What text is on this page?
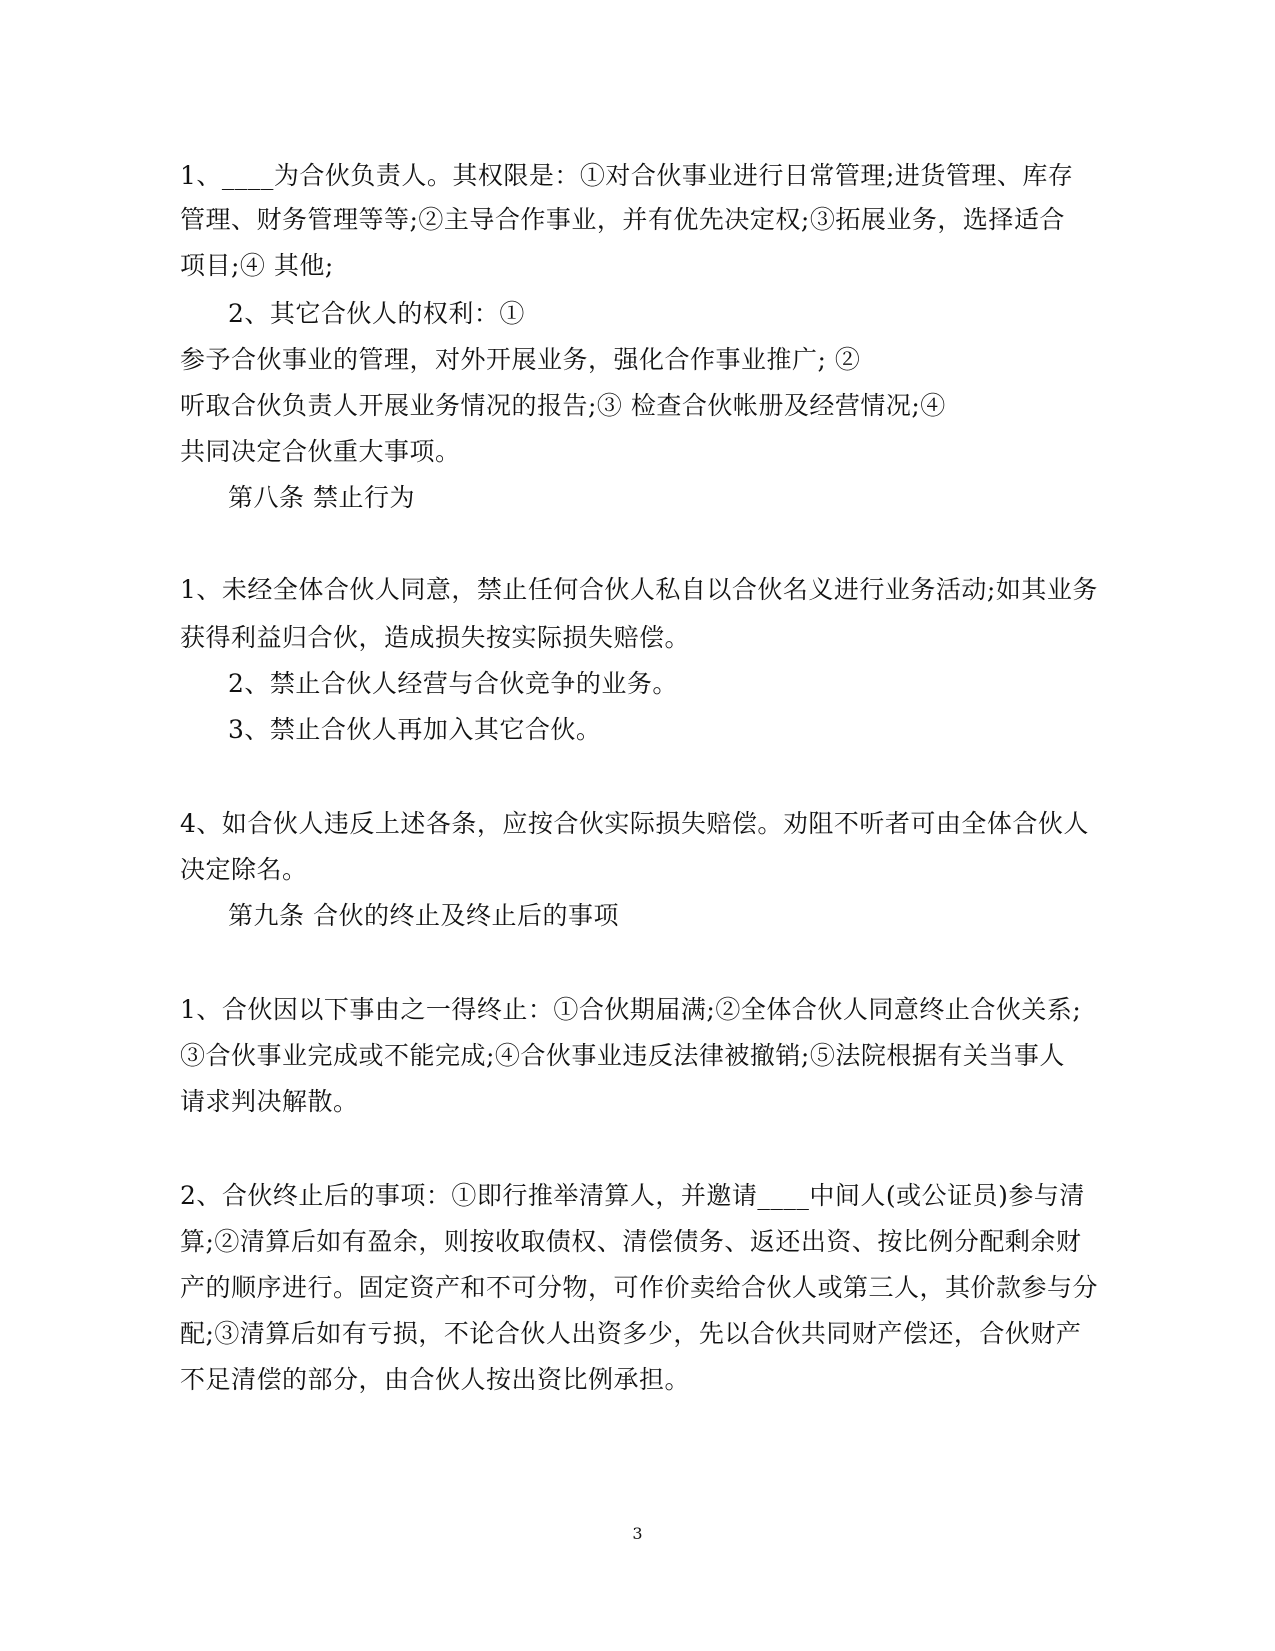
1、____为合伙负责人。其权限是：①对合伙事业进行日常管理;进货管理、库存
管理、财务管理等等;②主导合作事业，并有优先决定权;③拓展业务，选择适合
项目;④ 其他;
2、其它合伙人的权利：①
参予合伙事业的管理，对外开展业务，强化合作事业推广; ②
听取合伙负责人开展业务情况的报告;③ 检查合伙帐册及经营情况;④
共同决定合伙重大事项。
第八条 禁止行为
1、未经全体合伙人同意，禁止任何合伙人私自以合伙名义进行业务活动;如其业务
获得利益归合伙，造成损失按实际损失赔偿。
2、禁止合伙人经营与合伙竞争的业务。
3、禁止合伙人再加入其它合伙。
4、如合伙人违反上述各条，应按合伙实际损失赔偿。劝阻不听者可由全体合伙人
决定除名。
第九条 合伙的终止及终止后的事项
1、合伙因以下事由之一得终止：①合伙期届满;②全体合伙人同意终止合伙关系;
③合伙事业完成或不能完成;④合伙事业违反法律被撤销;⑤法院根据有关当事人
请求判决解散。
2、合伙终止后的事项：①即行推举清算人，并邀请____中间人(或公证员)参与清
算;②清算后如有盈余，则按收取债权、清偿债务、返还出资、按比例分配剩余财
产的顺序进行。固定资产和不可分物，可作价卖给合伙人或第三人，其价款参与分
配;③清算后如有亏损，不论合伙人出资多少，先以合伙共同财产偿还，合伙财产
不足清偿的部分，由合伙人按出资比例承担。
3
